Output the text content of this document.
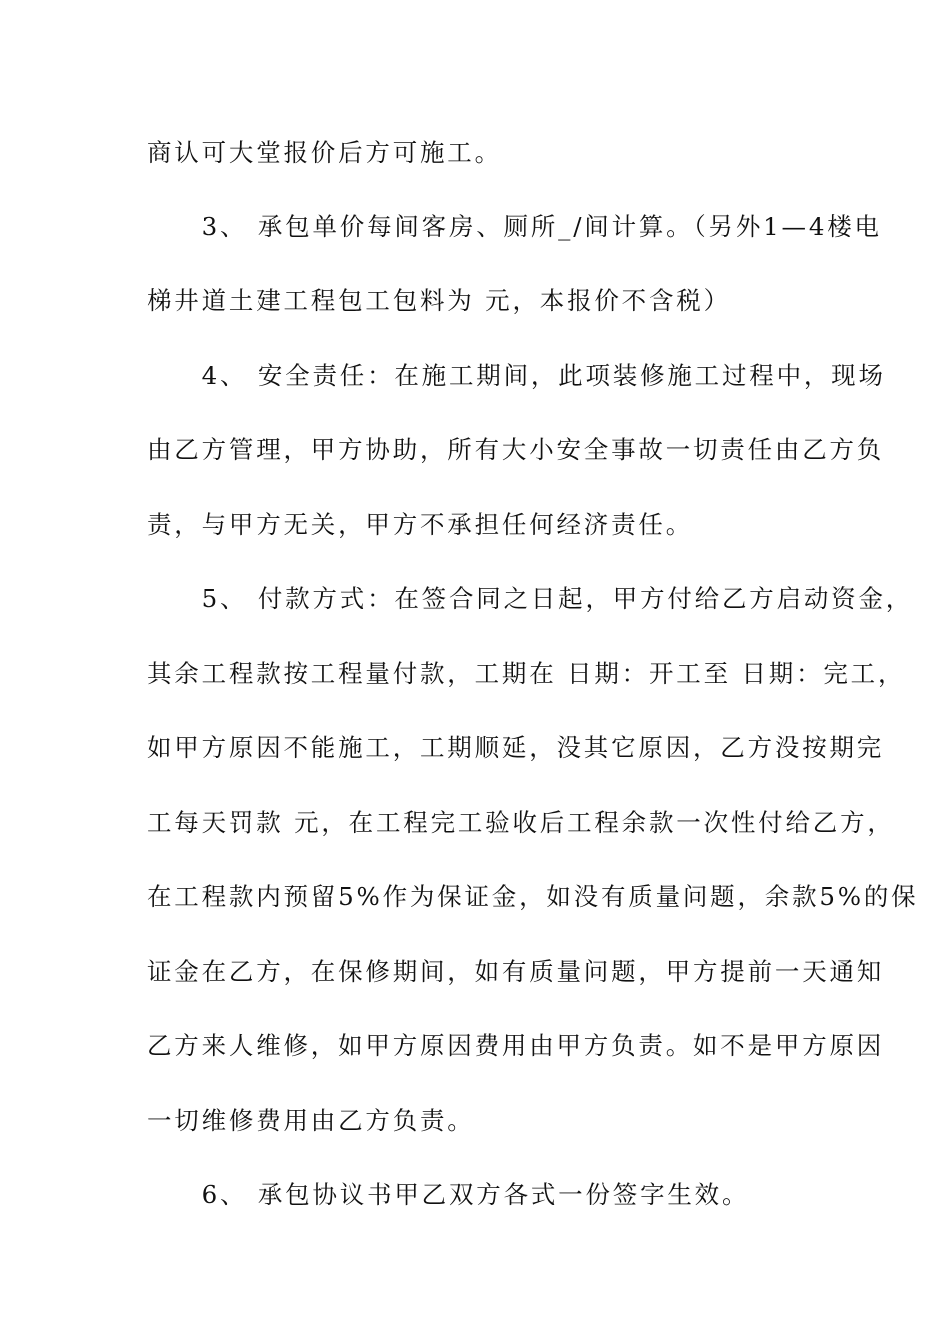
商认可大堂报价后方可施工。
　　3、 承包单价每间客房、厕所_/间计算。（另外1—4楼电
梯井道土建工程包工包料为 元，本报价不含税）
　　4、 安全责任：在施工期间，此项装修施工过程中，现场
由乙方管理，甲方协助，所有大小安全事故一切责任由乙方负
责，与甲方无关，甲方不承担任何经济责任。
　　5、 付款方式：在签合同之日起，甲方付给乙方启动资金，
其余工程款按工程量付款，工期在 日期：开工至 日期：完工，
如甲方原因不能施工，工期顺延，没其它原因，乙方没按期完
工每天罚款 元，在工程完工验收后工程余款一次性付给乙方，
在工程款内预留5%作为保证金，如没有质量问题，余款5%的保
证金在乙方，在保修期间，如有质量问题，甲方提前一天通知
乙方来人维修，如甲方原因费用由甲方负责。如不是甲方原因
一切维修费用由乙方负责。
　　6、 承包协议书甲乙双方各式一份签字生效。
